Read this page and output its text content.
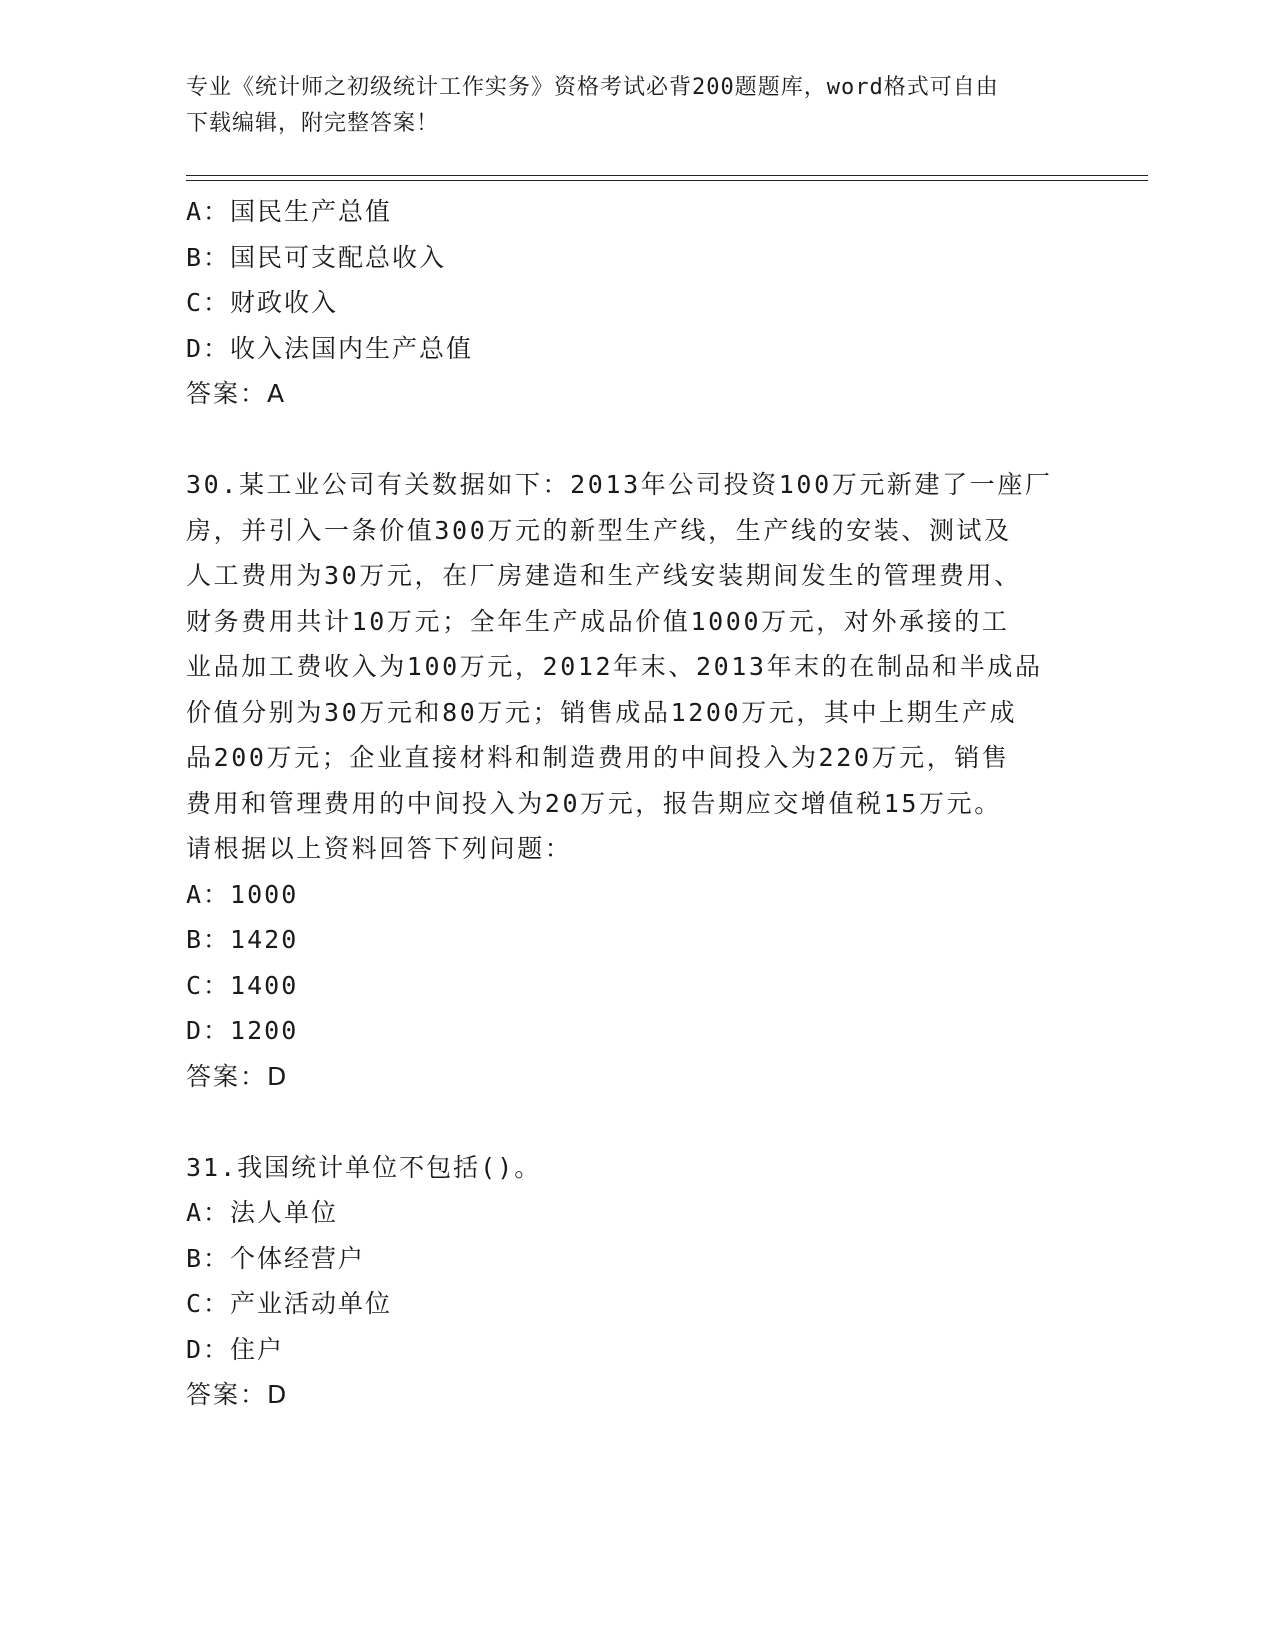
专业《统计师之初级统计工作实务》资格考试必背200题题库，word格式可自由
下载编辑，附完整答案！
A：国民生产总值
B：国民可支配总收入
C：财政收入
D：收入法国内生产总值
答案：A
30.某工业公司有关数据如下：2013年公司投资100万元新建了一座厂
房，并引入一条价值300万元的新型生产线，生产线的安装、测试及
人工费用为30万元，在厂房建造和生产线安装期间发生的管理费用、
财务费用共计10万元；全年生产成品价值1000万元，对外承接的工
业品加工费收入为100万元，2012年末、2013年末的在制品和半成品
价值分别为30万元和80万元；销售成品1200万元，其中上期生产成
品200万元；企业直接材料和制造费用的中间投入为220万元，销售
费用和管理费用的中间投入为20万元，报告期应交增值税15万元。
请根据以上资料回答下列问题：
A：1000
B：1420
C：1400
D：1200
答案：D
31.我国统计单位不包括()。
A：法人单位
B：个体经营户
C：产业活动单位
D：住户
答案：D
